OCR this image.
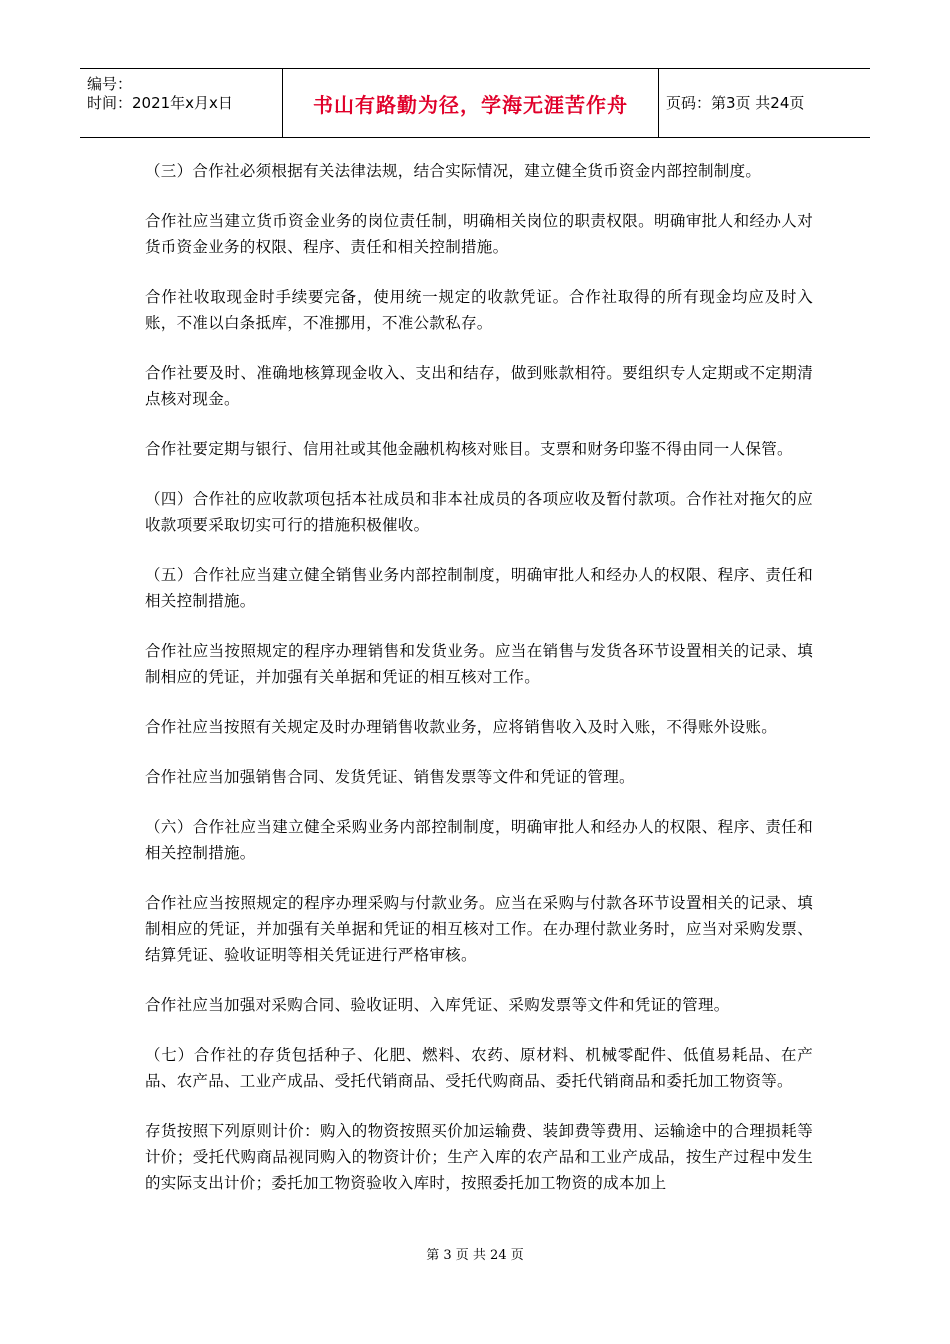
编号：
时间：2021年x月x日	书山有路勤为径，学海无涯苦作舟	页码：第3页 共24页

（三）合作社必须根据有关法律法规，结合实际情况，建立健全货币资金内部控制制度。

合作社应当建立货币资金业务的岗位责任制，明确相关岗位的职责权限。明确审批人和经办人对货币资金业务的权限、程序、责任和相关控制措施。

合作社收取现金时手续要完备，使用统一规定的收款凭证。合作社取得的所有现金均应及时入账，不准以白条抵库，不准挪用，不准公款私存。

合作社要及时、准确地核算现金收入、支出和结存，做到账款相符。要组织专人定期或不定期清点核对现金。

合作社要定期与银行、信用社或其他金融机构核对账目。支票和财务印鉴不得由同一人保管。

（四）合作社的应收款项包括本社成员和非本社成员的各项应收及暂付款项。合作社对拖欠的应收款项要采取切实可行的措施积极催收。

（五）合作社应当建立健全销售业务内部控制制度，明确审批人和经办人的权限、程序、责任和相关控制措施。

合作社应当按照规定的程序办理销售和发货业务。应当在销售与发货各环节设置相关的记录、填制相应的凭证，并加强有关单据和凭证的相互核对工作。

合作社应当按照有关规定及时办理销售收款业务，应将销售收入及时入账，不得账外设账。

合作社应当加强销售合同、发货凭证、销售发票等文件和凭证的管理。

（六）合作社应当建立健全采购业务内部控制制度，明确审批人和经办人的权限、程序、责任和相关控制措施。

合作社应当按照规定的程序办理采购与付款业务。应当在采购与付款各环节设置相关的记录、填制相应的凭证，并加强有关单据和凭证的相互核对工作。在办理付款业务时，应当对采购发票、结算凭证、验收证明等相关凭证进行严格审核。

合作社应当加强对采购合同、验收证明、入库凭证、采购发票等文件和凭证的管理。

（七）合作社的存货包括种子、化肥、燃料、农药、原材料、机械零配件、低值易耗品、在产品、农产品、工业产成品、受托代销商品、受托代购商品、委托代销商品和委托加工物资等。

存货按照下列原则计价：购入的物资按照买价加运输费、装卸费等费用、运输途中的合理损耗等计价；受托代购商品视同购入的物资计价；生产入库的农产品和工业产成品，按生产过程中发生的实际支出计价；委托加工物资验收入库时，按照委托加工物资的成本加上

第 3 页 共 24 页
